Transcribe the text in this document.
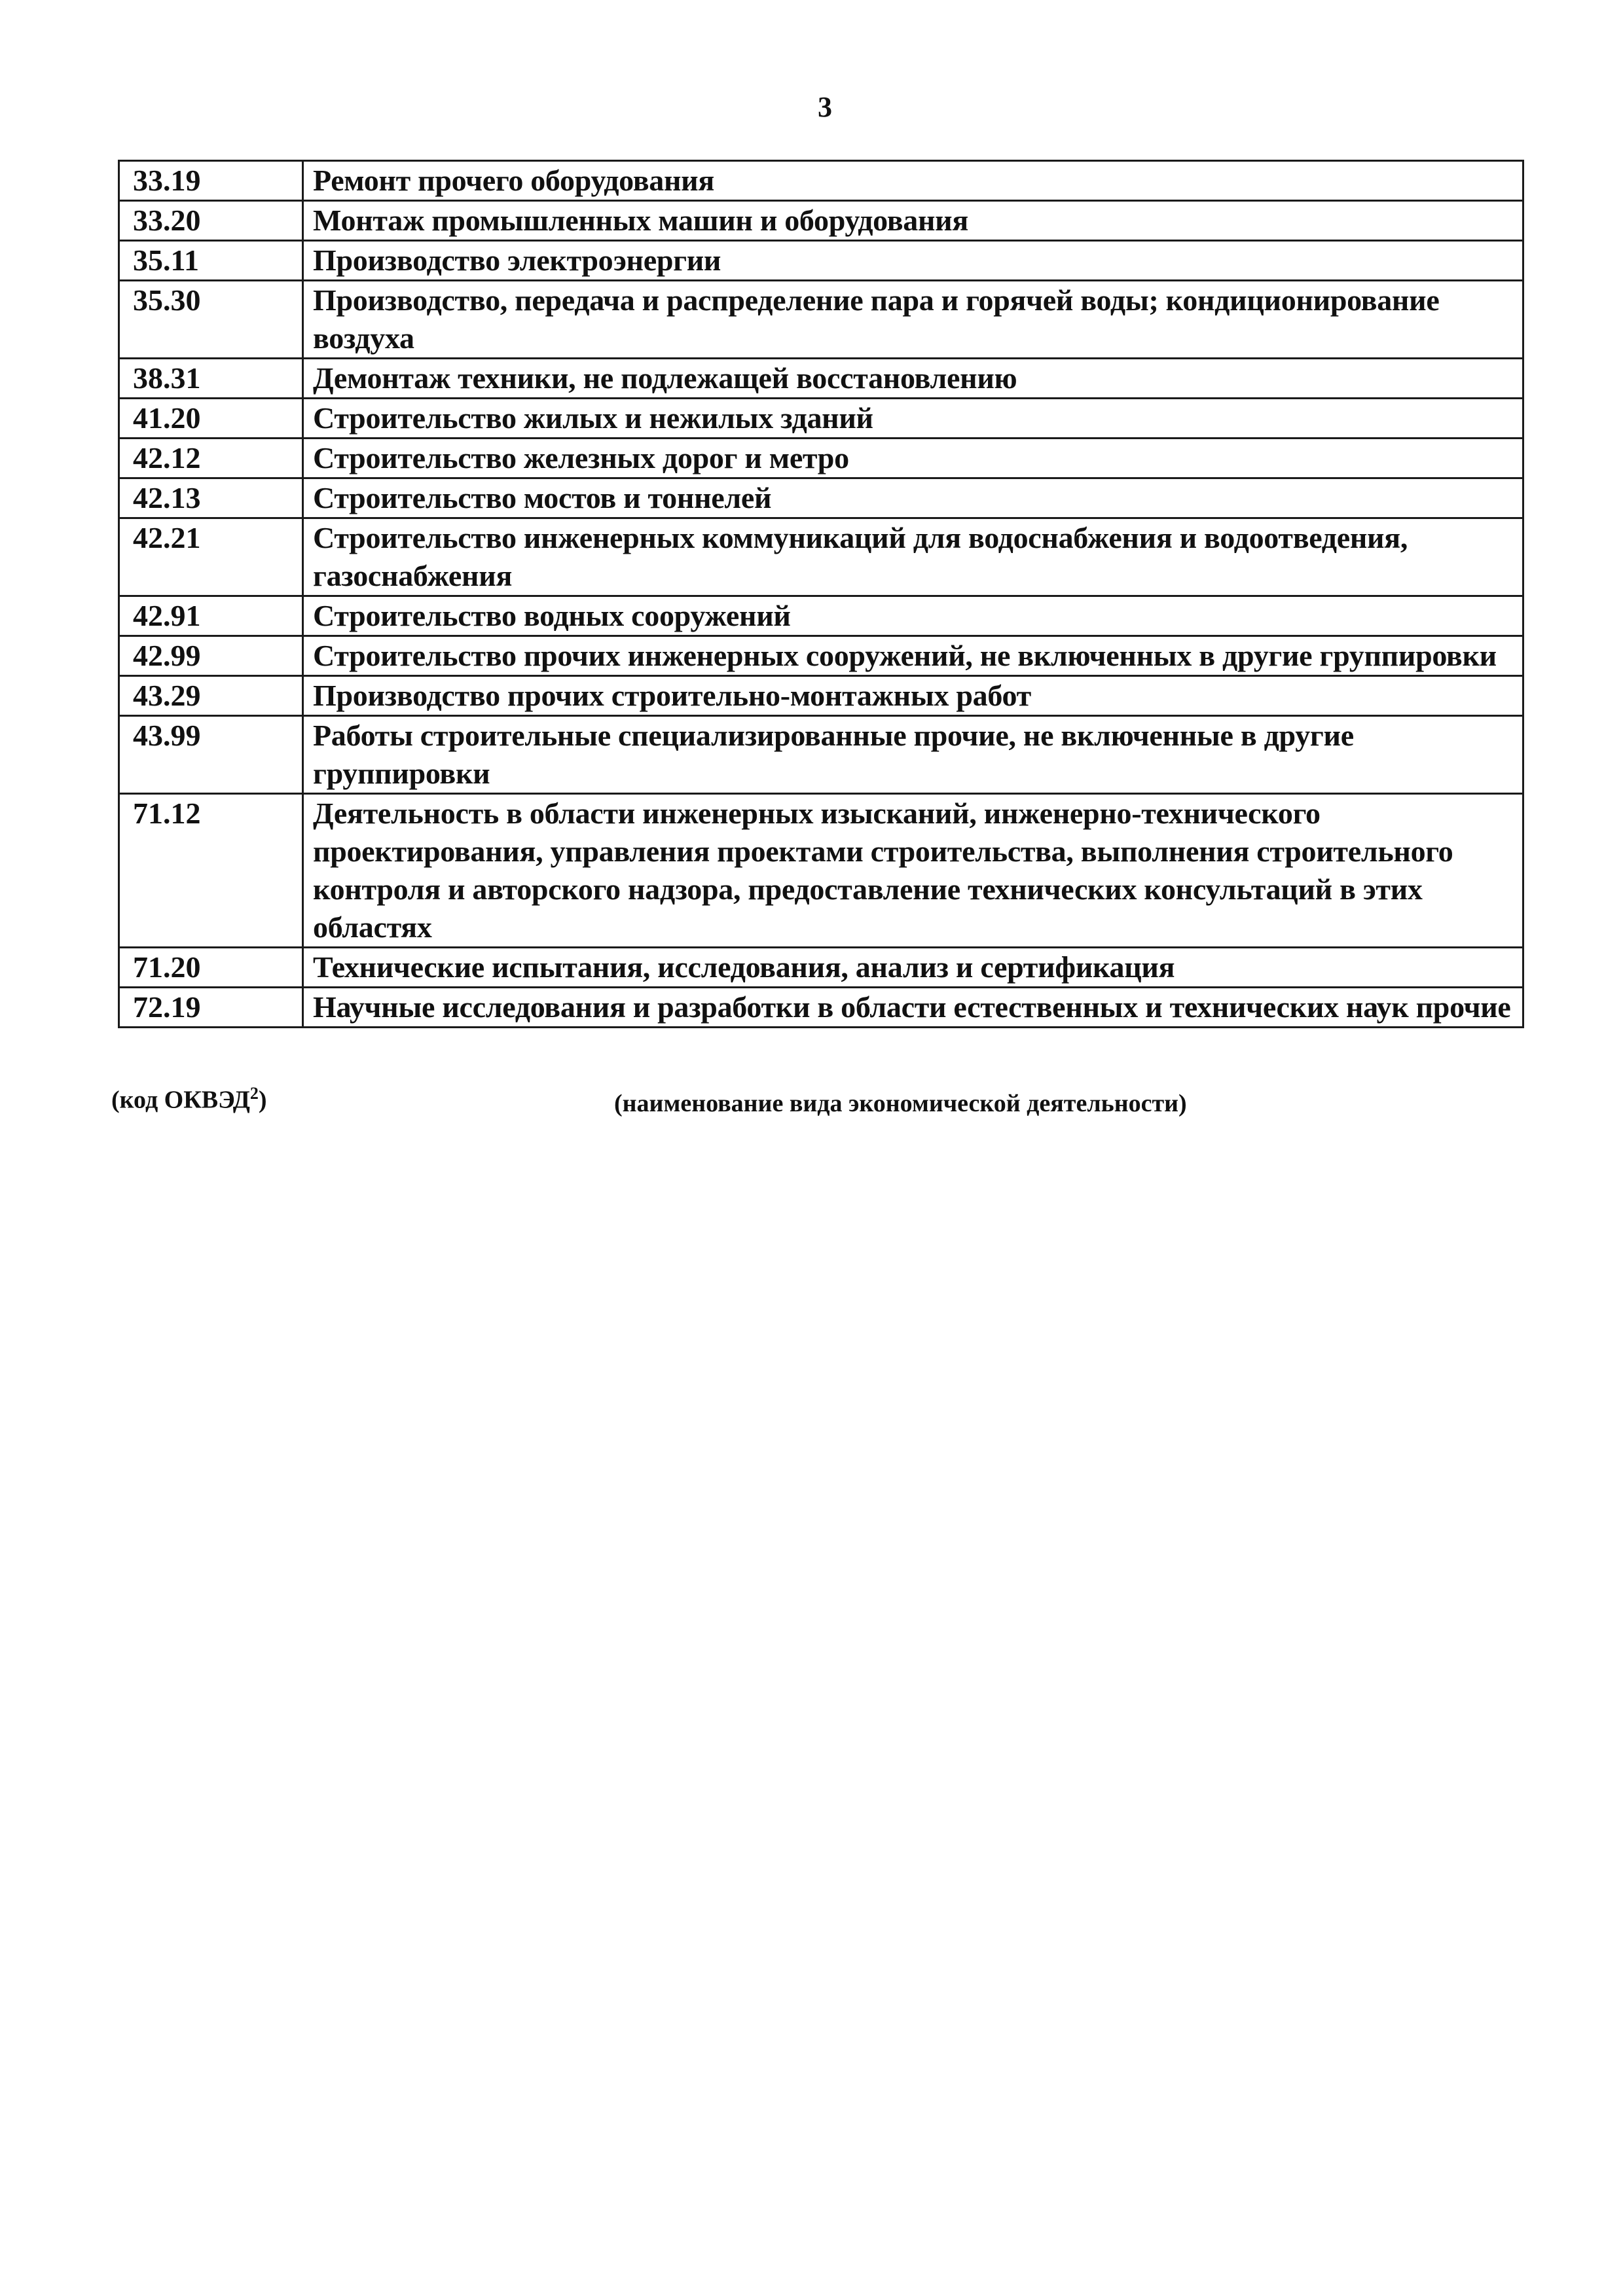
3
33.19	Ремонт прочего оборудования
33.20	Монтаж промышленных машин и оборудования
35.11	Производство электроэнергии
35.30	Производство, передача и распределение пара и горячей воды; кондиционирование воздуха
38.31	Демонтаж техники, не подлежащей восстановлению
41.20	Строительство жилых и нежилых зданий
42.12	Строительство железных дорог и метро
42.13	Строительство мостов и тоннелей
42.21	Строительство инженерных коммуникаций для водоснабжения и водоотведения, газоснабжения
42.91	Строительство водных сооружений
42.99	Строительство прочих инженерных сооружений, не включенных в другие группировки
43.29	Производство прочих строительно-монтажных работ
43.99	Работы строительные специализированные прочие, не включенные в другие группировки
71.12	Деятельность в области инженерных изысканий, инженерно-технического проектирования, управления проектами строительства, выполнения строительного контроля и авторского надзора, предоставление технических консультаций в этих областях
71.20	Технические испытания, исследования, анализ и сертификация
72.19	Научные исследования и разработки в области естественных и технических наук прочие
(код ОКВЭД$^2$)	(наименование вида экономической деятельности)
